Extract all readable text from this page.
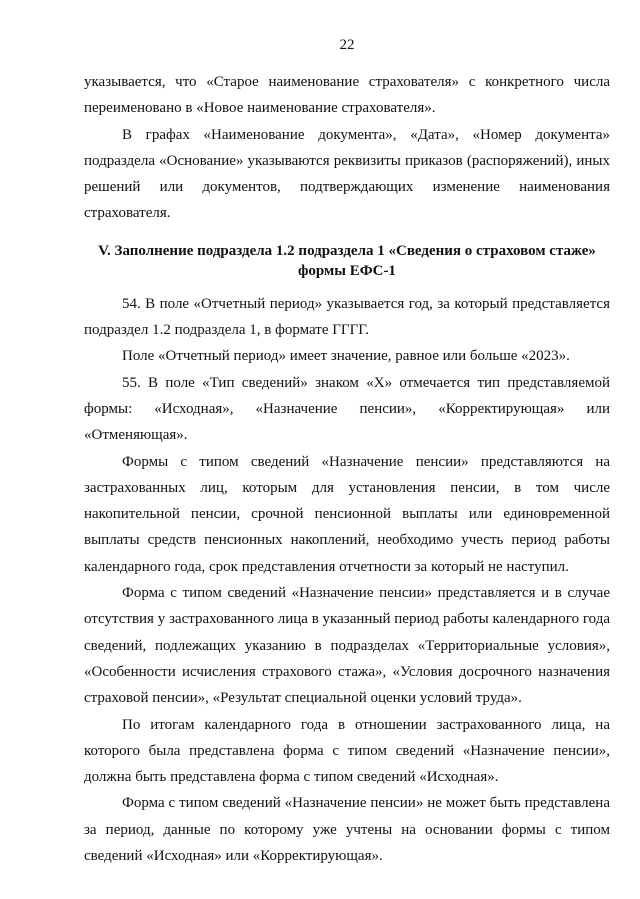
22

указывается, что «Старое наименование страхователя» с конкретного числа переименовано в «Новое наименование страхователя».

В графах «Наименование документа», «Дата», «Номер документа» подраздела «Основание» указываются реквизиты приказов (распоряжений), иных решений или документов, подтверждающих изменение наименования страхователя.

V. Заполнение подраздела 1.2 подраздела 1 «Сведения о страховом стаже» формы ЕФС-1

54. В поле «Отчетный период» указывается год, за который представляется подраздел 1.2 подраздела 1, в формате ГГГГ.

Поле «Отчетный период» имеет значение, равное или больше «2023».

55. В поле «Тип сведений» знаком «Х» отмечается тип представляемой формы: «Исходная», «Назначение пенсии», «Корректирующая» или «Отменяющая».

Формы с типом сведений «Назначение пенсии» представляются на застрахованных лиц, которым для установления пенсии, в том числе накопительной пенсии, срочной пенсионной выплаты или единовременной выплаты средств пенсионных накоплений, необходимо учесть период работы календарного года, срок представления отчетности за который не наступил.

Форма с типом сведений «Назначение пенсии» представляется и в случае отсутствия у застрахованного лица в указанный период работы календарного года сведений, подлежащих указанию в подразделах «Территориальные условия», «Особенности исчисления страхового стажа», «Условия досрочного назначения страховой пенсии», «Результат специальной оценки условий труда».

По итогам календарного года в отношении застрахованного лица, на которого была представлена форма с типом сведений «Назначение пенсии», должна быть представлена форма с типом сведений «Исходная».

Форма с типом сведений «Назначение пенсии» не может быть представлена за период, данные по которому уже учтены на основании формы с типом сведений «Исходная» или «Корректирующая».
